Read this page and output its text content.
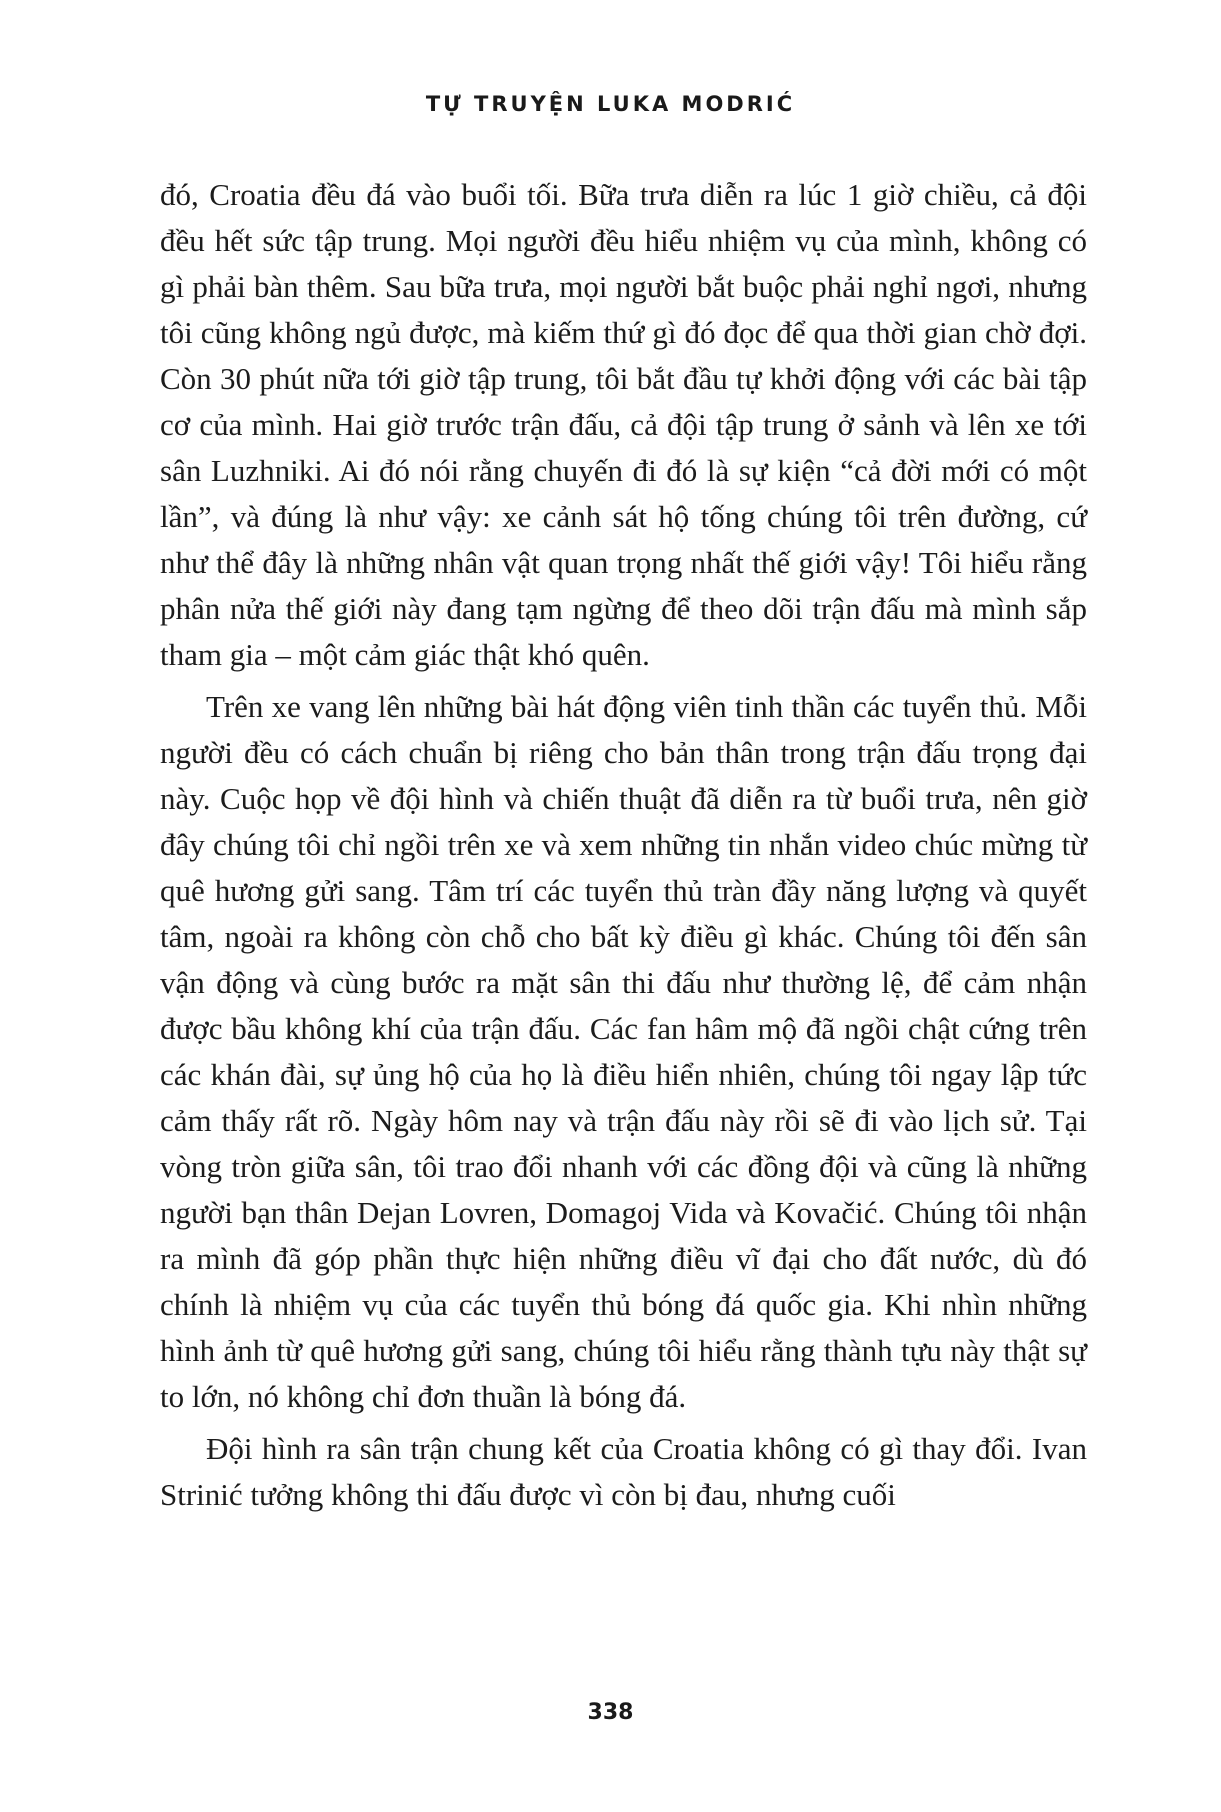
TỰ TRUYỆN LUKA MODRIĆ

đó, Croatia đều đá vào buổi tối. Bữa trưa diễn ra lúc 1 giờ chiều, cả đội đều hết sức tập trung. Mọi người đều hiểu nhiệm vụ của mình, không có gì phải bàn thêm. Sau bữa trưa, mọi người bắt buộc phải nghỉ ngơi, nhưng tôi cũng không ngủ được, mà kiếm thứ gì đó đọc để qua thời gian chờ đợi. Còn 30 phút nữa tới giờ tập trung, tôi bắt đầu tự khởi động với các bài tập cơ của mình. Hai giờ trước trận đấu, cả đội tập trung ở sảnh và lên xe tới sân Luzhniki. Ai đó nói rằng chuyến đi đó là sự kiện “cả đời mới có một lần”, và đúng là như vậy: xe cảnh sát hộ tống chúng tôi trên đường, cứ như thể đây là những nhân vật quan trọng nhất thế giới vậy! Tôi hiểu rằng phân nửa thế giới này đang tạm ngừng để theo dõi trận đấu mà mình sắp tham gia – một cảm giác thật khó quên.

Trên xe vang lên những bài hát động viên tinh thần các tuyển thủ. Mỗi người đều có cách chuẩn bị riêng cho bản thân trong trận đấu trọng đại này. Cuộc họp về đội hình và chiến thuật đã diễn ra từ buổi trưa, nên giờ đây chúng tôi chỉ ngồi trên xe và xem những tin nhắn video chúc mừng từ quê hương gửi sang. Tâm trí các tuyển thủ tràn đầy năng lượng và quyết tâm, ngoài ra không còn chỗ cho bất kỳ điều gì khác. Chúng tôi đến sân vận động và cùng bước ra mặt sân thi đấu như thường lệ, để cảm nhận được bầu không khí của trận đấu. Các fan hâm mộ đã ngồi chật cứng trên các khán đài, sự ủng hộ của họ là điều hiển nhiên, chúng tôi ngay lập tức cảm thấy rất rõ. Ngày hôm nay và trận đấu này rồi sẽ đi vào lịch sử. Tại vòng tròn giữa sân, tôi trao đổi nhanh với các đồng đội và cũng là những người bạn thân Dejan Lovren, Domagoj Vida và Kovačić. Chúng tôi nhận ra mình đã góp phần thực hiện những điều vĩ đại cho đất nước, dù đó chính là nhiệm vụ của các tuyển thủ bóng đá quốc gia. Khi nhìn những hình ảnh từ quê hương gửi sang, chúng tôi hiểu rằng thành tựu này thật sự to lớn, nó không chỉ đơn thuần là bóng đá.

Đội hình ra sân trận chung kết của Croatia không có gì thay đổi. Ivan Strinić tưởng không thi đấu được vì còn bị đau, nhưng cuối

338
